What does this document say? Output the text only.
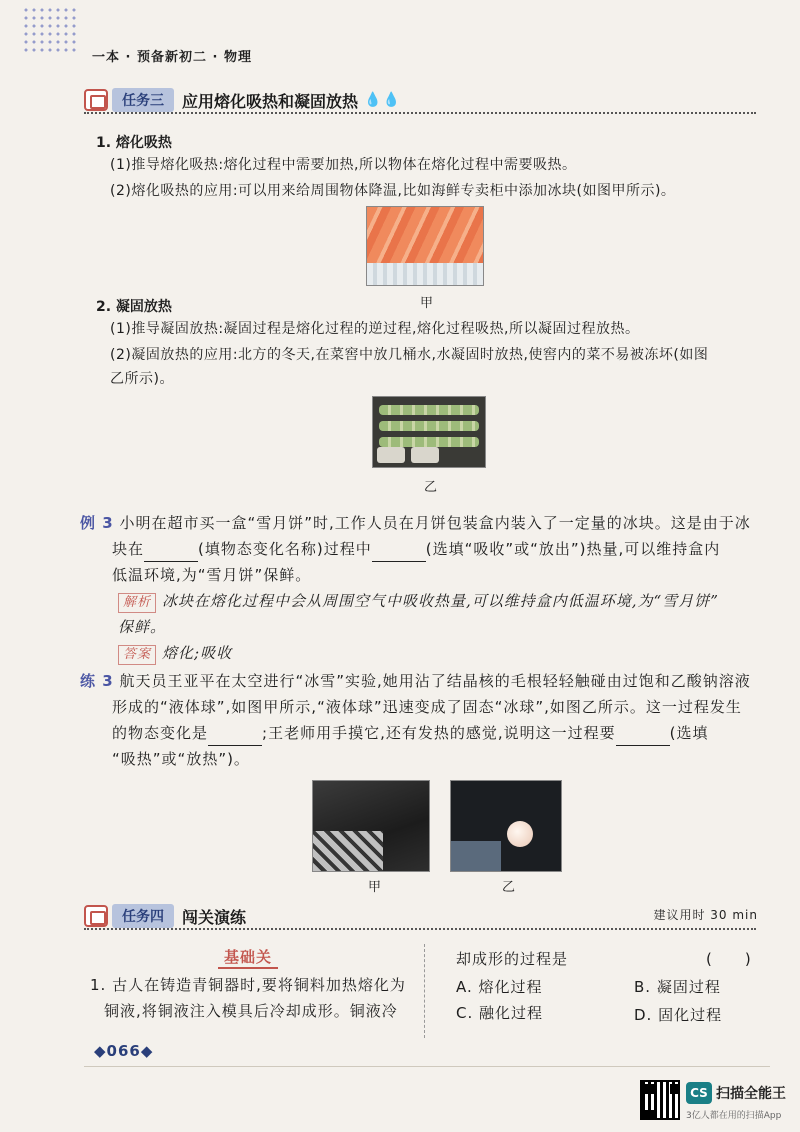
一本 · 预备新初二 · 物理
任务三	应用熔化吸热和凝固放热 💧💧
1. 熔化吸热
(1)推导熔化吸热:熔化过程中需要加热,所以物体在熔化过程中需要吸热。
(2)熔化吸热的应用:可以用来给周围物体降温,比如海鲜专卖柜中添加冰块(如图甲所示)。
甲
2. 凝固放热
(1)推导凝固放热:凝固过程是熔化过程的逆过程,熔化过程吸热,所以凝固过程放热。
(2)凝固放热的应用:北方的冬天,在菜窖中放几桶水,水凝固时放热,使窖内的菜不易被冻坏(如图
乙所示)。
乙
例 3 小明在超市买一盒“雪月饼”时,工作人员在月饼包装盒内装入了一定量的冰块。这是由于冰
块在	(填物态变化名称)过程中	(选填“吸收”或“放出”)热量,可以维持盒内
低温环境,为“雪月饼”保鲜。
解析 冰块在熔化过程中会从周围空气中吸收热量,可以维持盒内低温环境,为“雪月饼”
保鲜。
答案 熔化;吸收
练 3 航天员王亚平在太空进行“冰雪”实验,她用沾了结晶核的毛根轻轻触碰由过饱和乙酸钠溶液
形成的“液体球”,如图甲所示,“液体球”迅速变成了固态“冰球”,如图乙所示。这一过程发生
的物态变化是	;王老师用手摸它,还有发热的感觉,说明这一过程要	(选填
“吸热”或“放热”)。
甲	乙
任务四	闯关演练	建议用时 30 min
基础关
1. 古人在铸造青铜器时,要将铜料加热熔化为
铜液,将铜液注入模具后冷却成形。铜液冷
却成形的过程是	(　　)
A. 熔化过程	B. 凝固过程
C. 融化过程	D. 固化过程
◆066◆
CS 扫描全能王
3亿人都在用的扫描App
